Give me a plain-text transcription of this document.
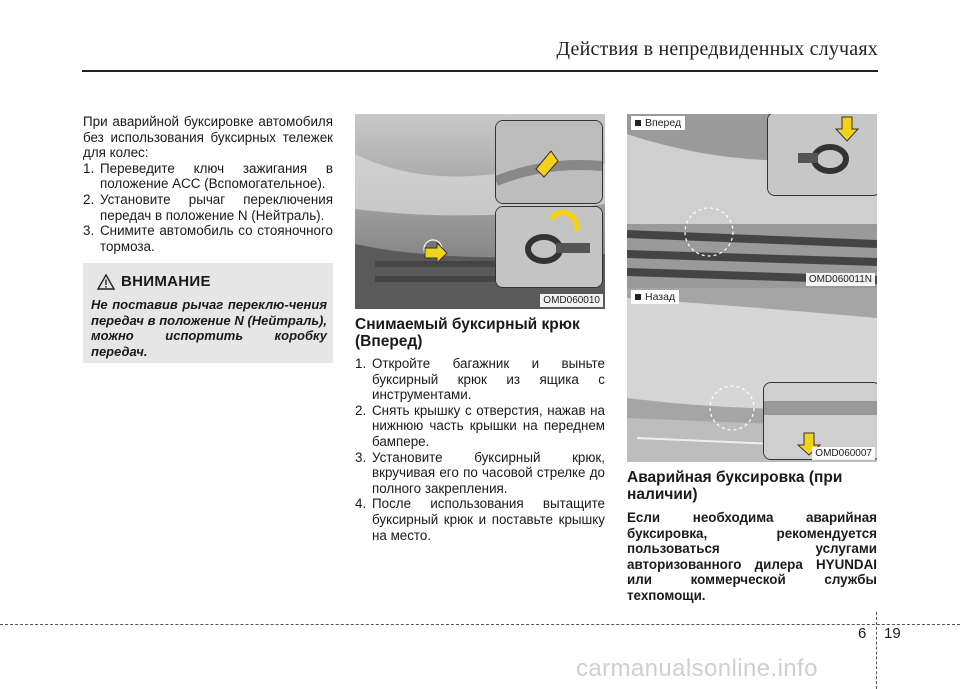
Действия в непредвиденных случаях

При аварийной буксировке автомобиля без использования буксирных тележек для колес:

1. Переведите ключ зажигания в положение ACC (Вспомогательное).
2. Установите рычаг переключения передач в положение N (Нейтраль).
3. Снимите автомобиль со стояночного тормоза.
ВНИМАНИЕ
Не поставив рычаг переклю-чения передач в положение N (Нейтраль), можно испортить коробку передач.
OMD060010
Снимаемый буксирный крюк (Вперед)
1. Откройте багажник и выньте буксирный крюк из ящика с инструментами.
2. Снять крышку с отверстия, нажав на нижнюю часть крышки на переднем бампере.
3. Установите буксирный крюк, вкручивая его по часовой стрелке до полного закрепления.
4. После использования вытащите буксирный крюк и поставьте крышку на место.
Вперед
OMD060011N
Назад
OMD060007
Аварийная буксировка (при наличии)
Если необходима аварийная буксировка, рекомендуется пользоваться услугами авторизованного дилера HYUNDAI или коммерческой службы техпомощи.
6 19
carmanualsonline.info
